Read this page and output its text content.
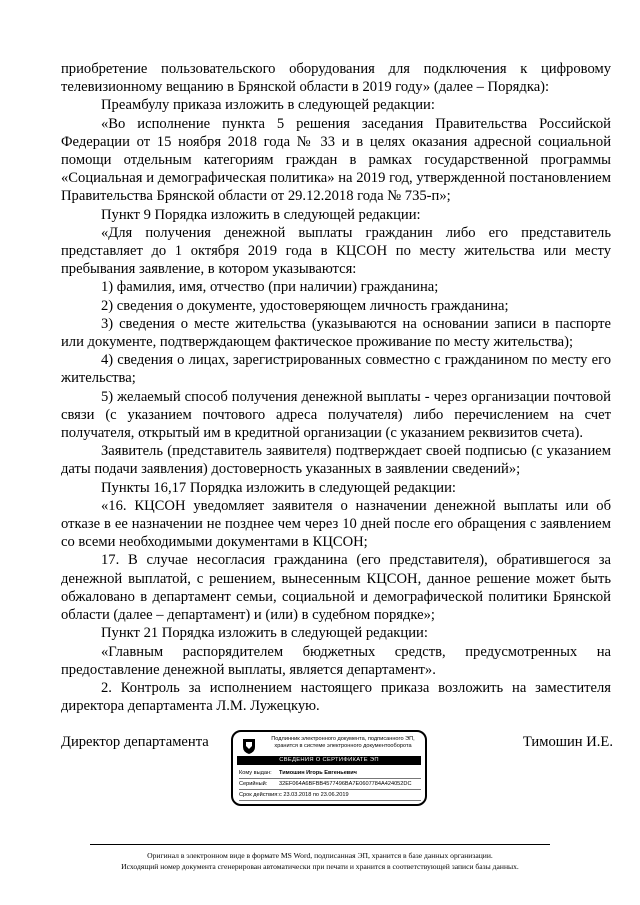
приобретение пользовательского оборудования для подключения к цифровому телевизионному вещанию в Брянской области в 2019 году» (далее – Порядка):

Преамбулу приказа изложить в следующей редакции:

«Во исполнение пункта 5 решения заседания Правительства Российской Федерации от 15 ноября 2018 года № 33 и в целях оказания адресной социальной помощи отдельным категориям граждан в рамках государственной программы «Социальная и демографическая политика» на 2019 год, утвержденной постановлением Правительства Брянской области от 29.12.2018 года № 735-п»;

Пункт 9 Порядка изложить в следующей редакции:

«Для получения денежной выплаты гражданин либо его представитель представляет до 1 октября 2019 года в КЦСОН по месту жительства или месту пребывания заявление, в котором указываются:

1) фамилия, имя, отчество (при наличии) гражданина;

2) сведения о документе, удостоверяющем личность гражданина;

3) сведения о месте жительства (указываются на основании записи в паспорте или документе, подтверждающем фактическое проживание по месту жительства);

4) сведения о лицах, зарегистрированных совместно с гражданином по месту его жительства;

5) желаемый способ получения денежной выплаты - через организации почтовой связи (с указанием почтового адреса получателя) либо перечислением на счет получателя, открытый им в кредитной организации (с указанием реквизитов счета).

Заявитель (представитель заявителя) подтверждает своей подписью (с указанием даты подачи заявления) достоверность указанных в заявлении сведений»;

Пункты 16,17 Порядка изложить в следующей редакции:

«16. КЦСОН уведомляет заявителя о назначении денежной выплаты или об отказе в ее назначении не позднее чем через 10 дней после его обращения с заявлением со всеми необходимыми документами в КЦСОН;

17. В случае несогласия гражданина (его представителя), обратившегося за денежной выплатой, с решением, вынесенным КЦСОН, данное решение может быть обжаловано в департамент семьи, социальной и демографической политики Брянской области (далее – департамент) и (или) в судебном порядке»;

Пункт 21 Порядка изложить в следующей редакции:

«Главным распорядителем бюджетных средств, предусмотренных на предоставление денежной выплаты, является департамент».

2. Контроль за исполнением настоящего приказа возложить на заместителя директора департамента Л.М. Лужецкую.

Директор департамента	Подлинник электронного документа, подписанного ЭП, хранится в системе электронного документооборота
СВЕДЕНИЯ О СЕРТИФИКАТЕ ЭП
Кому выдан:	Тимошин Игорь Евгеньевич
Серийный:	32EF064A6BFBB4577496BA7E0607784A424052DC
Срок действия: с 23.03.2018 по 23.06.2019
Тимошин И.Е.
Оригинал в электронном виде в формате MS Word, подписанная ЭП, хранится в базе данных организации.
Исходящий номер документа сгенерирован автоматически при печати и хранится в соответствующей записи базы данных.
